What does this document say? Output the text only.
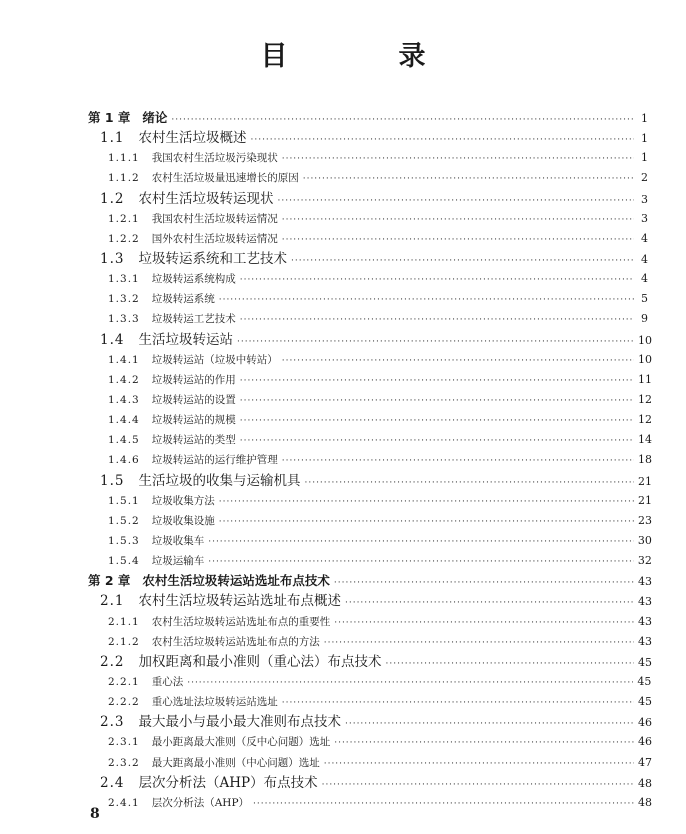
目　录
第 1 章 绪论 ·····	1
1.1 农村生活垃圾概述 ·····	1
1.1.1 我国农村生活垃圾污染现状 ·····	1
1.1.2 农村生活垃圾量迅速增长的原因 ·····	2
1.2 农村生活垃圾转运现状 ·····	3
1.2.1 我国农村生活垃圾转运情况 ·····	3
1.2.2 国外农村生活垃圾转运情况 ·····	4
1.3 垃圾转运系统和工艺技术 ·····	4
1.3.1 垃圾转运系统构成 ·····	4
1.3.2 垃圾转运系统 ·····	5
1.3.3 垃圾转运工艺技术 ·····	9
1.4 生活垃圾转运站 ·····	10
1.4.1 垃圾转运站（垃圾中转站） ·····	10
1.4.2 垃圾转运站的作用 ·····	11
1.4.3 垃圾转运站的设置 ·····	12
1.4.4 垃圾转运站的规模 ·····	12
1.4.5 垃圾转运站的类型 ·····	14
1.4.6 垃圾转运站的运行维护管理 ·····	18
1.5 生活垃圾的收集与运输机具 ·····	21
1.5.1 垃圾收集方法 ·····	21
1.5.2 垃圾收集设施 ·····	23
1.5.3 垃圾收集车 ·····	30
1.5.4 垃圾运输车 ·····	32
第 2 章 农村生活垃圾转运站选址布点技术 ·····	43
2.1 农村生活垃圾转运站选址布点概述 ·····	43
2.1.1 农村生活垃圾转运站选址布点的重要性 ·····	43
2.1.2 农村生活垃圾转运站选址布点的方法 ·····	43
2.2 加权距离和最小准则（重心法）布点技术 ·····	45
2.2.1 重心法 ·····	45
2.2.2 重心选址法垃圾转运站选址 ·····	45
2.3 最大最小与最小最大准则布点技术 ·····	46
2.3.1 最小距离最大准则（反中心问题）选址 ·····	46
2.3.2 最大距离最小准则（中心问题）选址 ·····	47
2.4 层次分析法（AHP）布点技术 ·····	48
2.4.1 层次分析法（AHP） ·····	48
8
